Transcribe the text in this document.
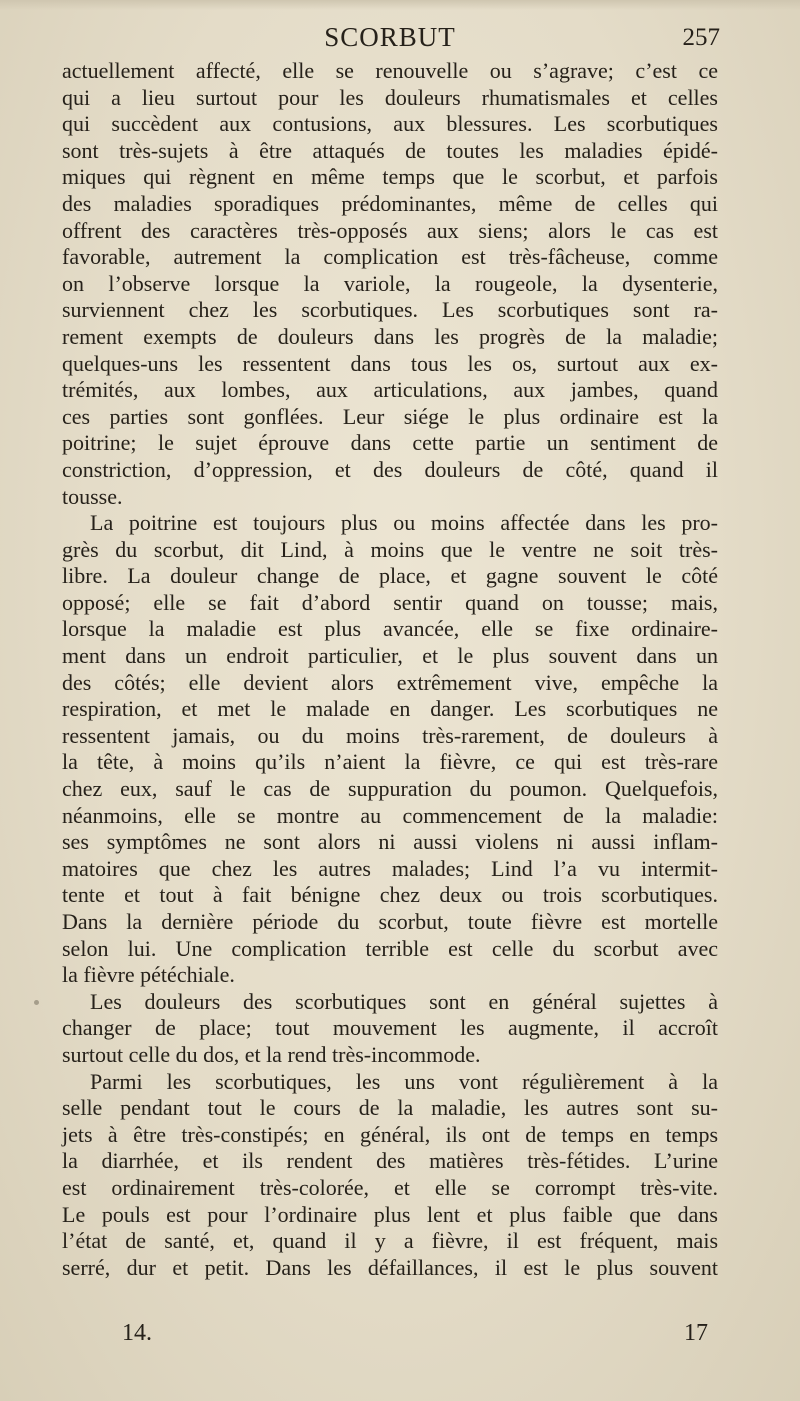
SCORBUT	257
actuellement affecté, elle se renouvelle ou s’agrave; c’est ce
qui a lieu surtout pour les douleurs rhumatismales et celles
qui succèdent aux contusions, aux blessures. Les scorbutiques
sont très-sujets à être attaqués de toutes les maladies épidé-
miques qui règnent en même temps que le scorbut, et parfois
des maladies sporadiques prédominantes, même de celles qui
offrent des caractères très-opposés aux siens; alors le cas est
favorable, autrement la complication est très-fâcheuse, comme
on l’observe lorsque la variole, la rougeole, la dysenterie,
surviennent chez les scorbutiques. Les scorbutiques sont ra-
rement exempts de douleurs dans les progrès de la maladie;
quelques-uns les ressentent dans tous les os, surtout aux ex-
trémités, aux lombes, aux articulations, aux jambes, quand
ces parties sont gonflées. Leur siége le plus ordinaire est la
poitrine; le sujet éprouve dans cette partie un sentiment de
constriction, d’oppression, et des douleurs de côté, quand il
tousse.
La poitrine est toujours plus ou moins affectée dans les pro-
grès du scorbut, dit Lind, à moins que le ventre ne soit très-
libre. La douleur change de place, et gagne souvent le côté
opposé; elle se fait d’abord sentir quand on tousse; mais,
lorsque la maladie est plus avancée, elle se fixe ordinaire-
ment dans un endroit particulier, et le plus souvent dans un
des côtés; elle devient alors extrêmement vive, empêche la
respiration, et met le malade en danger. Les scorbutiques ne
ressentent jamais, ou du moins très-rarement, de douleurs à
la tête, à moins qu’ils n’aient la fièvre, ce qui est très-rare
chez eux, sauf le cas de suppuration du poumon. Quelquefois,
néanmoins, elle se montre au commencement de la maladie:
ses symptômes ne sont alors ni aussi violens ni aussi inflam-
matoires que chez les autres malades; Lind l’a vu intermit-
tente et tout à fait bénigne chez deux ou trois scorbutiques.
Dans la dernière période du scorbut, toute fièvre est mortelle
selon lui. Une complication terrible est celle du scorbut avec
la fièvre pétéchiale.
Les douleurs des scorbutiques sont en général sujettes à
changer de place; tout mouvement les augmente, il accroît
surtout celle du dos, et la rend très-incommode.
Parmi les scorbutiques, les uns vont régulièrement à la
selle pendant tout le cours de la maladie, les autres sont su-
jets à être très-constipés; en général, ils ont de temps en temps
la diarrhée, et ils rendent des matières très-fétides. L’urine
est ordinairement très-colorée, et elle se corrompt très-vite.
Le pouls est pour l’ordinaire plus lent et plus faible que dans
l’état de santé, et, quand il y a fièvre, il est fréquent, mais
serré, dur et petit. Dans les défaillances, il est le plus souvent
14.	17
